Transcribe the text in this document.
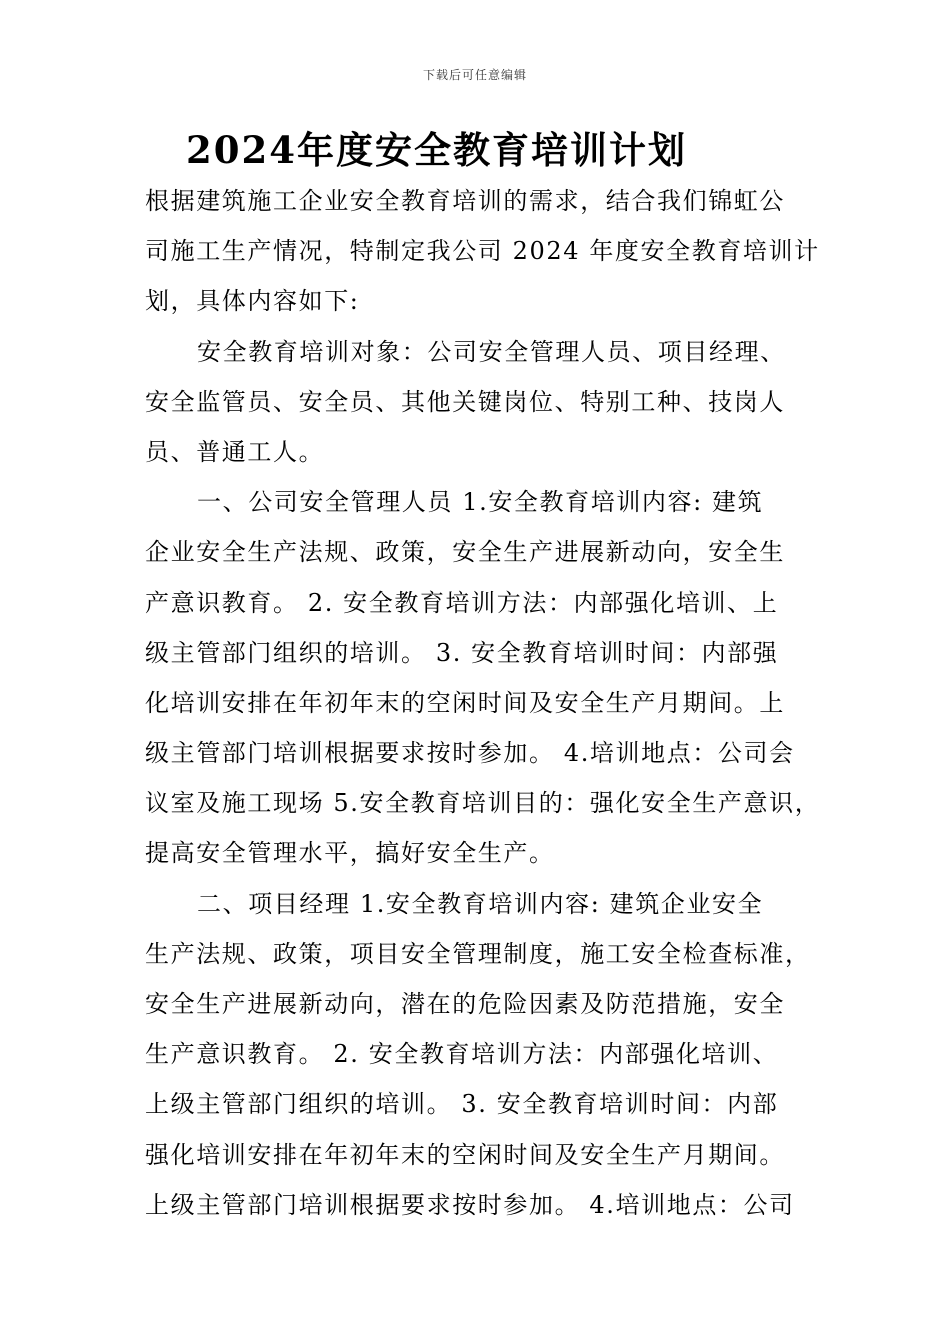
下载后可任意编辑
2024年度安全教育培训计划
根据建筑施工企业安全教育培训的需求，结合我们锦虹公
司施工生产情况，特制定我公司 2024 年度安全教育培训计
划，具体内容如下:
安全教育培训对象：公司安全管理人员、项目经理、
安全监管员、安全员、其他关键岗位、特别工种、技岗人
员、普通工人。
一、公司安全管理人员 1.安全教育培训内容: 建筑
企业安全生产法规、政策，安全生产进展新动向，安全生
产意识教育。 2. 安全教育培训方法：内部强化培训、上
级主管部门组织的培训。 3. 安全教育培训时间：内部强
化培训安排在年初年末的空闲时间及安全生产月期间。上
级主管部门培训根据要求按时参加。 4.培训地点：公司会
议室及施工现场 5.安全教育培训目的：强化安全生产意识，
提高安全管理水平，搞好安全生产。
二、项目经理 1.安全教育培训内容: 建筑企业安全
生产法规、政策，项目安全管理制度，施工安全检查标准，
安全生产进展新动向，潜在的危险因素及防范措施，安全
生产意识教育。 2. 安全教育培训方法：内部强化培训、
上级主管部门组织的培训。 3. 安全教育培训时间：内部
强化培训安排在年初年末的空闲时间及安全生产月期间。
上级主管部门培训根据要求按时参加。 4.培训地点：公司
